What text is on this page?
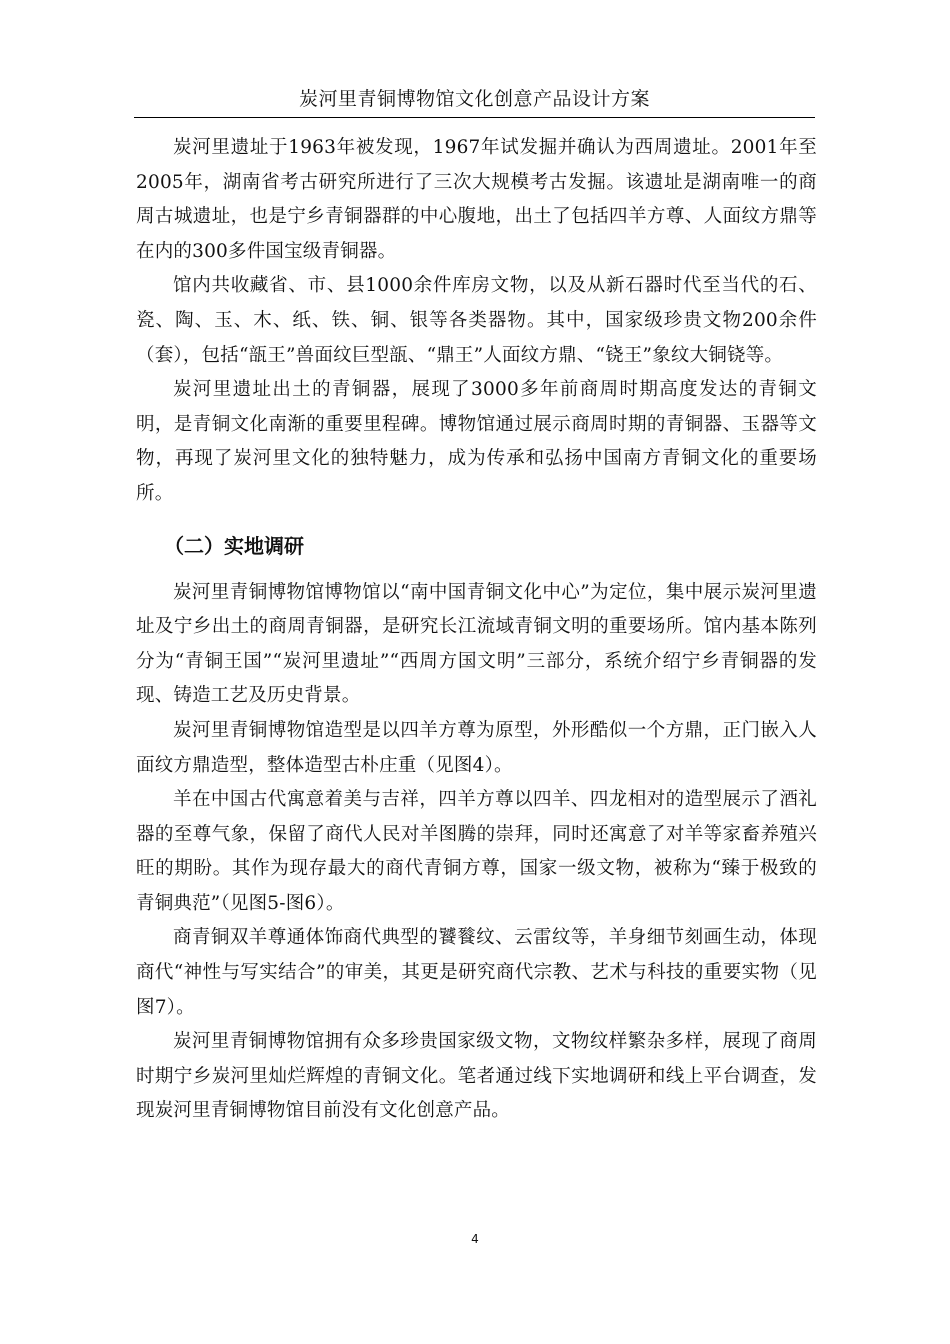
炭河里青铜博物馆文化创意产品设计方案

炭河里遗址于1963年被发现，1967年试发掘并确认为西周遗址。2001年至2005年，湖南省考古研究所进行了三次大规模考古发掘。该遗址是湖南唯一的商周古城遗址，也是宁乡青铜器群的中心腹地，出土了包括四羊方尊、人面纹方鼎等在内的300多件国宝级青铜器。

馆内共收藏省、市、县1000余件库房文物，以及从新石器时代至当代的石、瓷、陶、玉、木、纸、铁、铜、银等各类器物。其中，国家级珍贵文物200余件（套），包括“瓿王”兽面纹巨型瓿、“鼎王”人面纹方鼎、“铙王”象纹大铜铙等。

炭河里遗址出土的青铜器，展现了3000多年前商周时期高度发达的青铜文明，是青铜文化南渐的重要里程碑。博物馆通过展示商周时期的青铜器、玉器等文物，再现了炭河里文化的独特魅力，成为传承和弘扬中国南方青铜文化的重要场所。

（二）实地调研

炭河里青铜博物馆博物馆以“南中国青铜文化中心”为定位，集中展示炭河里遗址及宁乡出土的商周青铜器，是研究长江流域青铜文明的重要场所。馆内基本陈列分为“青铜王国”“炭河里遗址”“西周方国文明”三部分，系统介绍宁乡青铜器的发现、铸造工艺及历史背景。

炭河里青铜博物馆造型是以四羊方尊为原型，外形酷似一个方鼎，正门嵌入人面纹方鼎造型，整体造型古朴庄重（见图4）。

羊在中国古代寓意着美与吉祥，四羊方尊以四羊、四龙相对的造型展示了酒礼器的至尊气象，保留了商代人民对羊图腾的崇拜，同时还寓意了对羊等家畜养殖兴旺的期盼。其作为现存最大的商代青铜方尊，国家一级文物，被称为“臻于极致的青铜典范”（见图5-图6）。

商青铜双羊尊通体饰商代典型的饕餮纹、云雷纹等，羊身细节刻画生动，体现商代“神性与写实结合”的审美，其更是研究商代宗教、艺术与科技的重要实物（见图7）。

炭河里青铜博物馆拥有众多珍贵国家级文物，文物纹样繁杂多样，展现了商周时期宁乡炭河里灿烂辉煌的青铜文化。笔者通过线下实地调研和线上平台调查，发现炭河里青铜博物馆目前没有文化创意产品。

4
